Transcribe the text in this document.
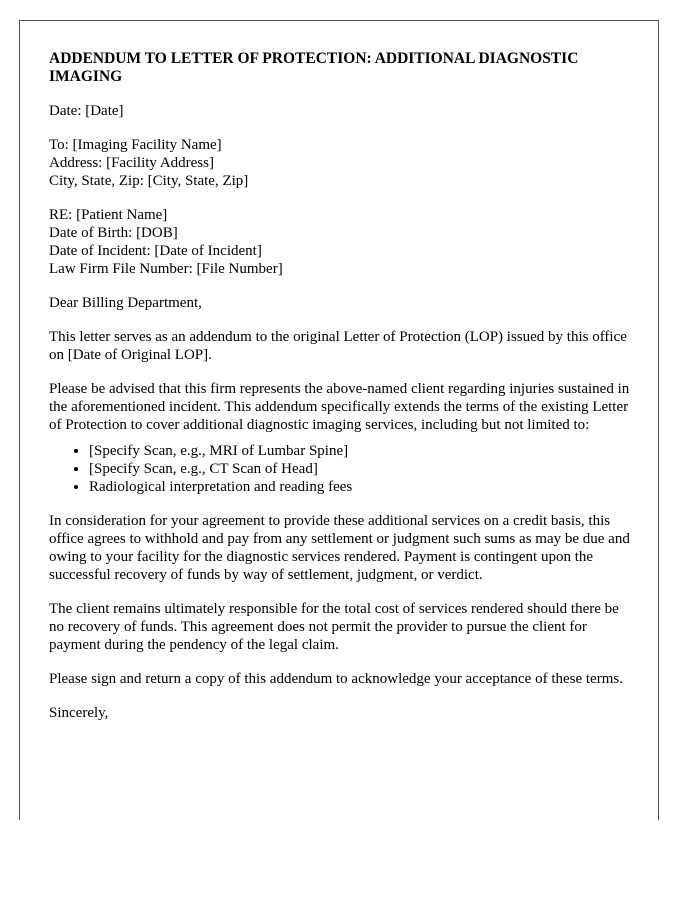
ADDENDUM TO LETTER OF PROTECTION: ADDITIONAL DIAGNOSTIC IMAGING

Date: [Date]

To: [Imaging Facility Name]
Address: [Facility Address]
City, State, Zip: [City, State, Zip]
RE: [Patient Name]
Date of Birth: [DOB]
Date of Incident: [Date of Incident]
Law Firm File Number: [File Number]

Dear Billing Department,

This letter serves as an addendum to the original Letter of Protection (LOP) issued by this office on [Date of Original LOP].

Please be advised that this firm represents the above-named client regarding injuries sustained in the aforementioned incident. This addendum specifically extends the terms of the existing Letter of Protection to cover additional diagnostic imaging services, including but not limited to:

• [Specify Scan, e.g., MRI of Lumbar Spine]
• [Specify Scan, e.g., CT Scan of Head]
• Radiological interpretation and reading fees

In consideration for your agreement to provide these additional services on a credit basis, this office agrees to withhold and pay from any settlement or judgment such sums as may be due and owing to your facility for the diagnostic services rendered. Payment is contingent upon the successful recovery of funds by way of settlement, judgment, or verdict.

The client remains ultimately responsible for the total cost of services rendered should there be no recovery of funds. This agreement does not permit the provider to pursue the client for payment during the pendency of the legal claim.

Please sign and return a copy of this addendum to acknowledge your acceptance of these terms.

Sincerely,
